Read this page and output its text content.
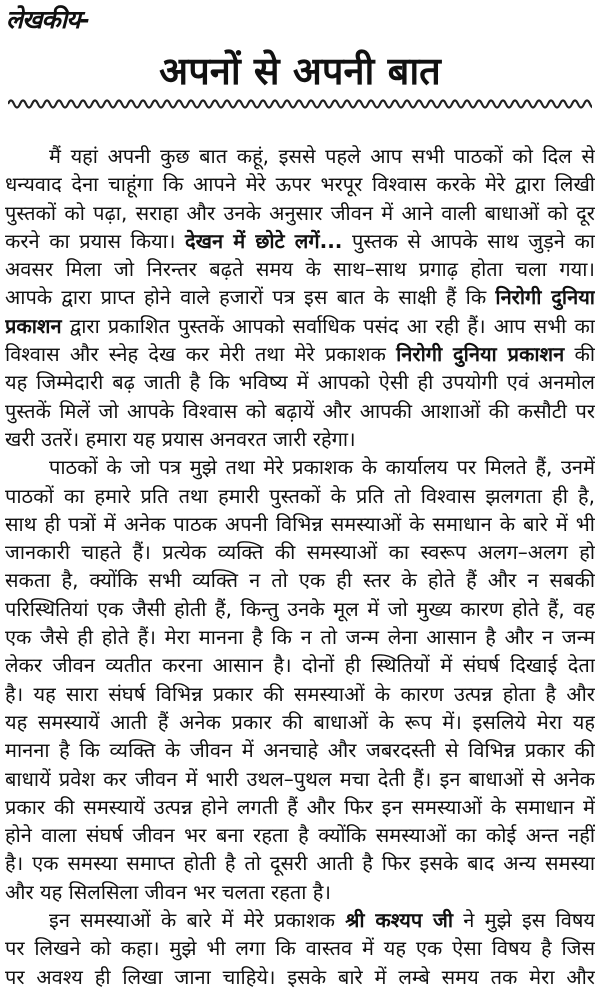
लेखकीय-
अपनों से अपनी बात
मैं यहां अपनी कुछ बात कहूं, इससे पहले आप सभी पाठकों को दिल से
धन्यवाद देना चाहूंगा कि आपने मेरे ऊपर भरपूर विश्वास करके मेरे द्वारा लिखी
पुस्तकों को पढ़ा, सराहा और उनके अनुसार जीवन में आने वाली बाधाओं को दूर
करने का प्रयास किया। देखन में छोटे लगें... पुस्तक से आपके साथ जुड़ने का
अवसर मिला जो निरन्तर बढ़ते समय के साथ–साथ प्रगाढ़ होता चला गया।
आपके द्वारा प्राप्त होने वाले हजारों पत्र इस बात के साक्षी हैं कि निरोगी दुनिया
प्रकाशन द्वारा प्रकाशित पुस्तकें आपको सर्वाधिक पसंद आ रही हैं। आप सभी का
विश्वास और स्नेह देख कर मेरी तथा मेरे प्रकाशक निरोगी दुनिया प्रकाशन की
यह जिम्मेदारी बढ़ जाती है कि भविष्य में आपको ऐसी ही उपयोगी एवं अनमोल
पुस्तकें मिलें जो आपके विश्वास को बढ़ायें और आपकी आशाओं की कसौटी पर
खरी उतरें। हमारा यह प्रयास अनवरत जारी रहेगा।
पाठकों के जो पत्र मुझे तथा मेरे प्रकाशक के कार्यालय पर मिलते हैं, उनमें
पाठकों का हमारे प्रति तथा हमारी पुस्तकों के प्रति तो विश्वास झलगता ही है,
साथ ही पत्रों में अनेक पाठक अपनी विभिन्न समस्याओं के समाधान के बारे में भी
जानकारी चाहते हैं। प्रत्येक व्यक्ति की समस्याओं का स्वरूप अलग–अलग हो
सकता है, क्योंकि सभी व्यक्ति न तो एक ही स्तर के होते हैं और न सबकी
परिस्थितियां एक जैसी होती हैं, किन्तु उनके मूल में जो मुख्य कारण होते हैं, वह
एक जैसे ही होते हैं। मेरा मानना है कि न तो जन्म लेना आसान है और न जन्म
लेकर जीवन व्यतीत करना आसान है। दोनों ही स्थितियों में संघर्ष दिखाई देता
है। यह सारा संघर्ष विभिन्न प्रकार की समस्याओं के कारण उत्पन्न होता है और
यह समस्यायें आती हैं अनेक प्रकार की बाधाओं के रूप में। इसलिये मेरा यह
मानना है कि व्यक्ति के जीवन में अनचाहे और जबरदस्ती से विभिन्न प्रकार की
बाधायें प्रवेश कर जीवन में भारी उथल–पुथल मचा देती हैं। इन बाधाओं से अनेक
प्रकार की समस्यायें उत्पन्न होने लगती हैं और फिर इन समस्याओं के समाधान में
होने वाला संघर्ष जीवन भर बना रहता है क्योंकि समस्याओं का कोई अन्त नहीं
है। एक समस्या समाप्त होती है तो दूसरी आती है फिर इसके बाद अन्य समस्या
और यह सिलसिला जीवन भर चलता रहता है।
इन समस्याओं के बारे में मेरे प्रकाशक श्री कश्यप जी ने मुझे इस विषय
पर लिखने को कहा। मुझे भी लगा कि वास्तव में यह एक ऐसा विषय है जिस
पर अवश्य ही लिखा जाना चाहिये। इसके बारे में लम्बे समय तक मेरा और
